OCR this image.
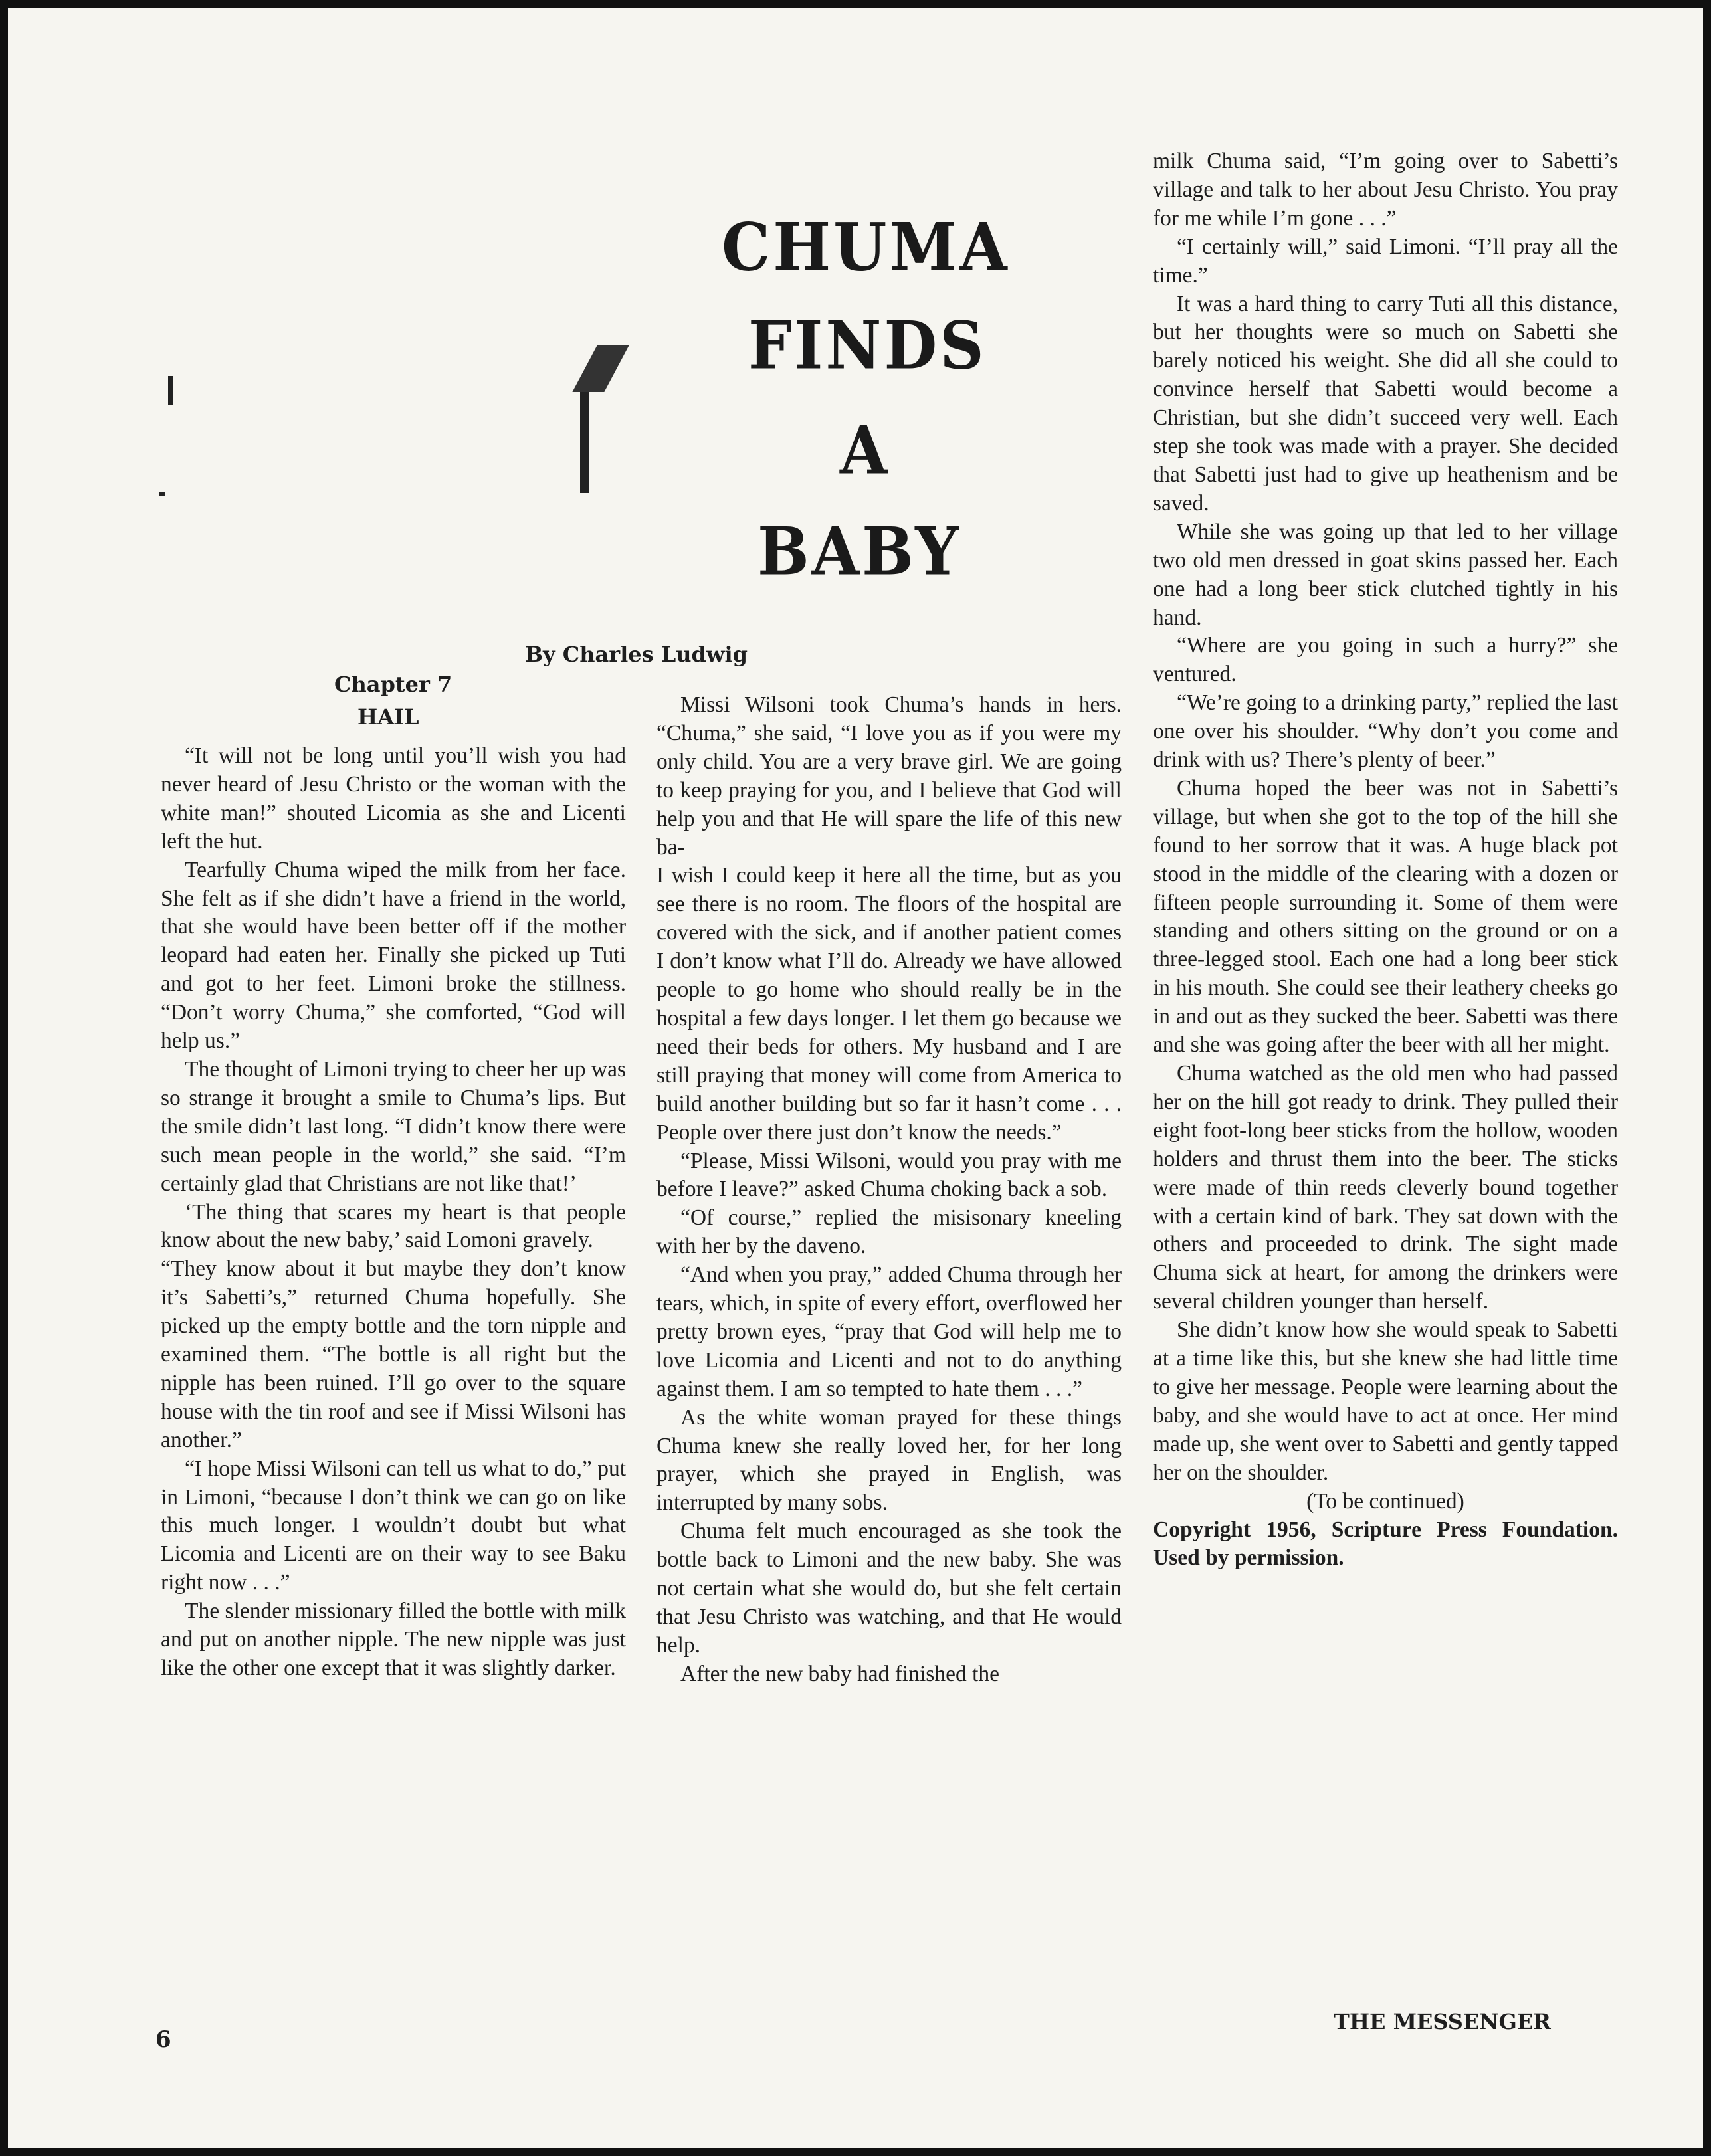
CHUMA
FINDS
A
BABY
By Charles Ludwig
Chapter 7
HAIL

“It will not be long until you’ll wish you had never heard of Jesu Christo or the woman with the white man!” shouted Licomia as she and Licenti left the hut.

Tearfully Chuma wiped the milk from her face. She felt as if she didn’t have a friend in the world, that she would have been better off if the mother leopard had eaten her. Finally she picked up Tuti and got to her feet. Limoni broke the stillness. “Don’t worry Chuma,” she comforted, “God will help us.”

The thought of Limoni trying to cheer her up was so strange it brought a smile to Chuma’s lips. But the smile didn’t last long. “I didn’t know there were such mean people in the world,” she said. “I’m certainly glad that Christians are not like that!’

‘The thing that scares my heart is that people know about the new baby,’ said Lomoni gravely.

“They know about it but maybe they don’t know it’s Sabetti’s,” returned Chuma hopefully. She picked up the empty bottle and the torn nipple and examined them. “The bottle is all right but the nipple has been ruined. I’ll go over to the square house with the tin roof and see if Missi Wilsoni has another.”

“I hope Missi Wilsoni can tell us what to do,” put in Limoni, “because I don’t think we can go on like this much longer. I wouldn’t doubt but what Licomia and Licenti are on their way to see Baku right now . . .”

The slender missionary filled the bottle with milk and put on another nipple. The new nipple was just like the other one except that it was slightly darker.

Missi Wilsoni took Chuma’s hands in hers. “Chuma,” she said, “I love you as if you were my only child. You are a very brave girl. We are going to keep praying for you, and I believe that God will help you and that He will spare the life of this new ba-

I wish I could keep it here all the time, but as you see there is no room. The floors of the hospital are covered with the sick, and if another patient comes I don’t know what I’ll do. Already we have allowed people to go home who should really be in the hospital a few days longer. I let them go because we need their beds for others. My husband and I are still praying that money will come from America to build another building but so far it hasn’t come . . . People over there just don’t know the needs.”

“Please, Missi Wilsoni, would you pray with me before I leave?” asked Chuma choking back a sob.

“Of course,” replied the misisonary kneeling with her by the daveno.

“And when you pray,” added Chuma through her tears, which, in spite of every effort, overflowed her pretty brown eyes, “pray that God will help me to love Licomia and Licenti and not to do anything against them. I am so tempted to hate them . . .”

As the white woman prayed for these things Chuma knew she really loved her, for her long prayer, which she prayed in English, was interrupted by many sobs.

Chuma felt much encouraged as she took the bottle back to Limoni and the new baby. She was not certain what she would do, but she felt certain that Jesu Christo was watching, and that He would help.

After the new baby had finished the

milk Chuma said, “I’m going over to Sabetti’s village and talk to her about Jesu Christo. You pray for me while I’m gone . . .”

“I certainly will,” said Limoni. “I’ll pray all the time.”

It was a hard thing to carry Tuti all this distance, but her thoughts were so much on Sabetti she barely noticed his weight. She did all she could to convince herself that Sabetti would become a Christian, but she didn’t succeed very well. Each step she took was made with a prayer. She decided that Sabetti just had to give up heathenism and be saved.

While she was going up that led to her village two old men dressed in goat skins passed her. Each one had a long beer stick clutched tightly in his hand.

“Where are you going in such a hurry?” she ventured.

“We’re going to a drinking party,” replied the last one over his shoulder. “Why don’t you come and drink with us? There’s plenty of beer.”

Chuma hoped the beer was not in Sabetti’s village, but when she got to the top of the hill she found to her sorrow that it was. A huge black pot stood in the middle of the clearing with a dozen or fifteen people surrounding it. Some of them were standing and others sitting on the ground or on a three-legged stool. Each one had a long beer stick in his mouth. She could see their leathery cheeks go in and out as they sucked the beer. Sabetti was there and she was going after the beer with all her might.

Chuma watched as the old men who had passed her on the hill got ready to drink. They pulled their eight foot-long beer sticks from the hollow, wooden holders and thrust them into the beer. The sticks were made of thin reeds cleverly bound together with a certain kind of bark. They sat down with the others and proceeded to drink. The sight made Chuma sick at heart, for among the drinkers were several children younger than herself.

She didn’t know how she would speak to Sabetti at a time like this, but she knew she had little time to give her message. People were learning about the baby, and she would have to act at once. Her mind made up, she went over to Sabetti and gently tapped her on the shoulder.

(To be continued)

Copyright 1956, Scripture Press Foundation. Used by permission.

6
THE MESSENGER
